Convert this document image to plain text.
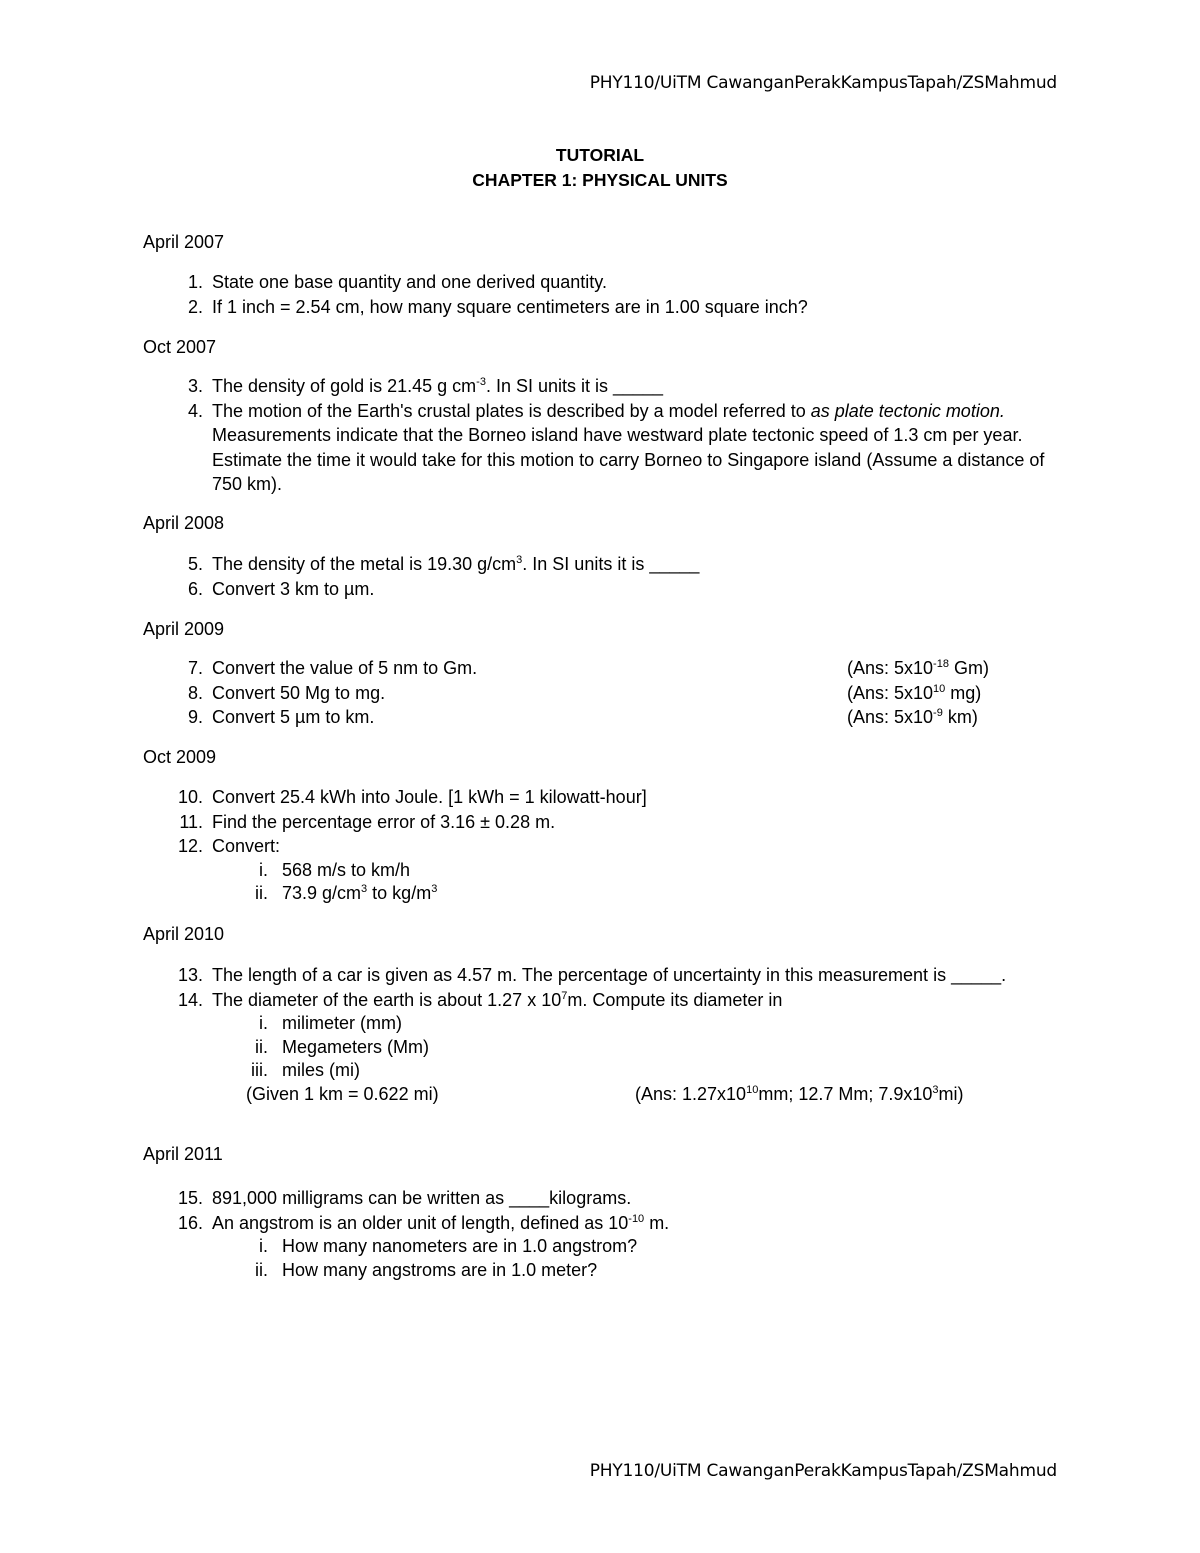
PHY110/UiTM CawanganPerakKampusTapah/ZSMahmud
TUTORIAL
CHAPTER 1: PHYSICAL UNITS
April 2007
1. State one base quantity and one derived quantity.
2. If 1 inch = 2.54 cm, how many square centimeters are in 1.00 square inch?
Oct 2007
3. The density of gold is 21.45 g $cm^{-3}$. In SI units it is _____
4. The motion of the Earth's crustal plates is described by a model referred to as plate tectonic motion. Measurements indicate that the Borneo island have westward plate tectonic speed of 1.3 cm per year. Estimate the time it would take for this motion to carry Borneo to Singapore island (Assume a distance of 750 km).
April 2008
5. The density of the metal is 19.30 $g/cm^3$. In SI units it is _____
6. Convert 3 km to µm.
April 2009
7. Convert the value of 5 nm to Gm.	(Ans: $5x10^{-18}$ Gm)
8. Convert 50 Mg to mg.	(Ans: $5x10^{10}$ mg)
9. Convert 5 µm to km.	(Ans: $5x10^{-9}$ km)
Oct 2009
10. Convert 25.4 kWh into Joule. [1 kWh = 1 kilowatt-hour]
11. Find the percentage error of 3.16 ± 0.28 m.
12. Convert:
i. 568 m/s to km/h
ii. 73.9 $g/cm^3$ to $kg/m^3$
April 2010
13. The length of a car is given as 4.57 m. The percentage of uncertainty in this measurement is _____.
14. The diameter of the earth is about 1.27 x $10^7m$. Compute its diameter in
i. milimeter (mm)
ii. Megameters (Mm)
iii. miles (mi)
(Given 1 km = 0.622 mi)	(Ans: $1.27x10^{10}mm$; 12.7 Mm; $7.9x10^3mi$)
April 2011
15. 891,000 milligrams can be written as ____kilograms.
16. An angstrom is an older unit of length, defined as $10^{-10}$ m.
i. How many nanometers are in 1.0 angstrom?
ii. How many angstroms are in 1.0 meter?
PHY110/UiTM CawanganPerakKampusTapah/ZSMahmud
